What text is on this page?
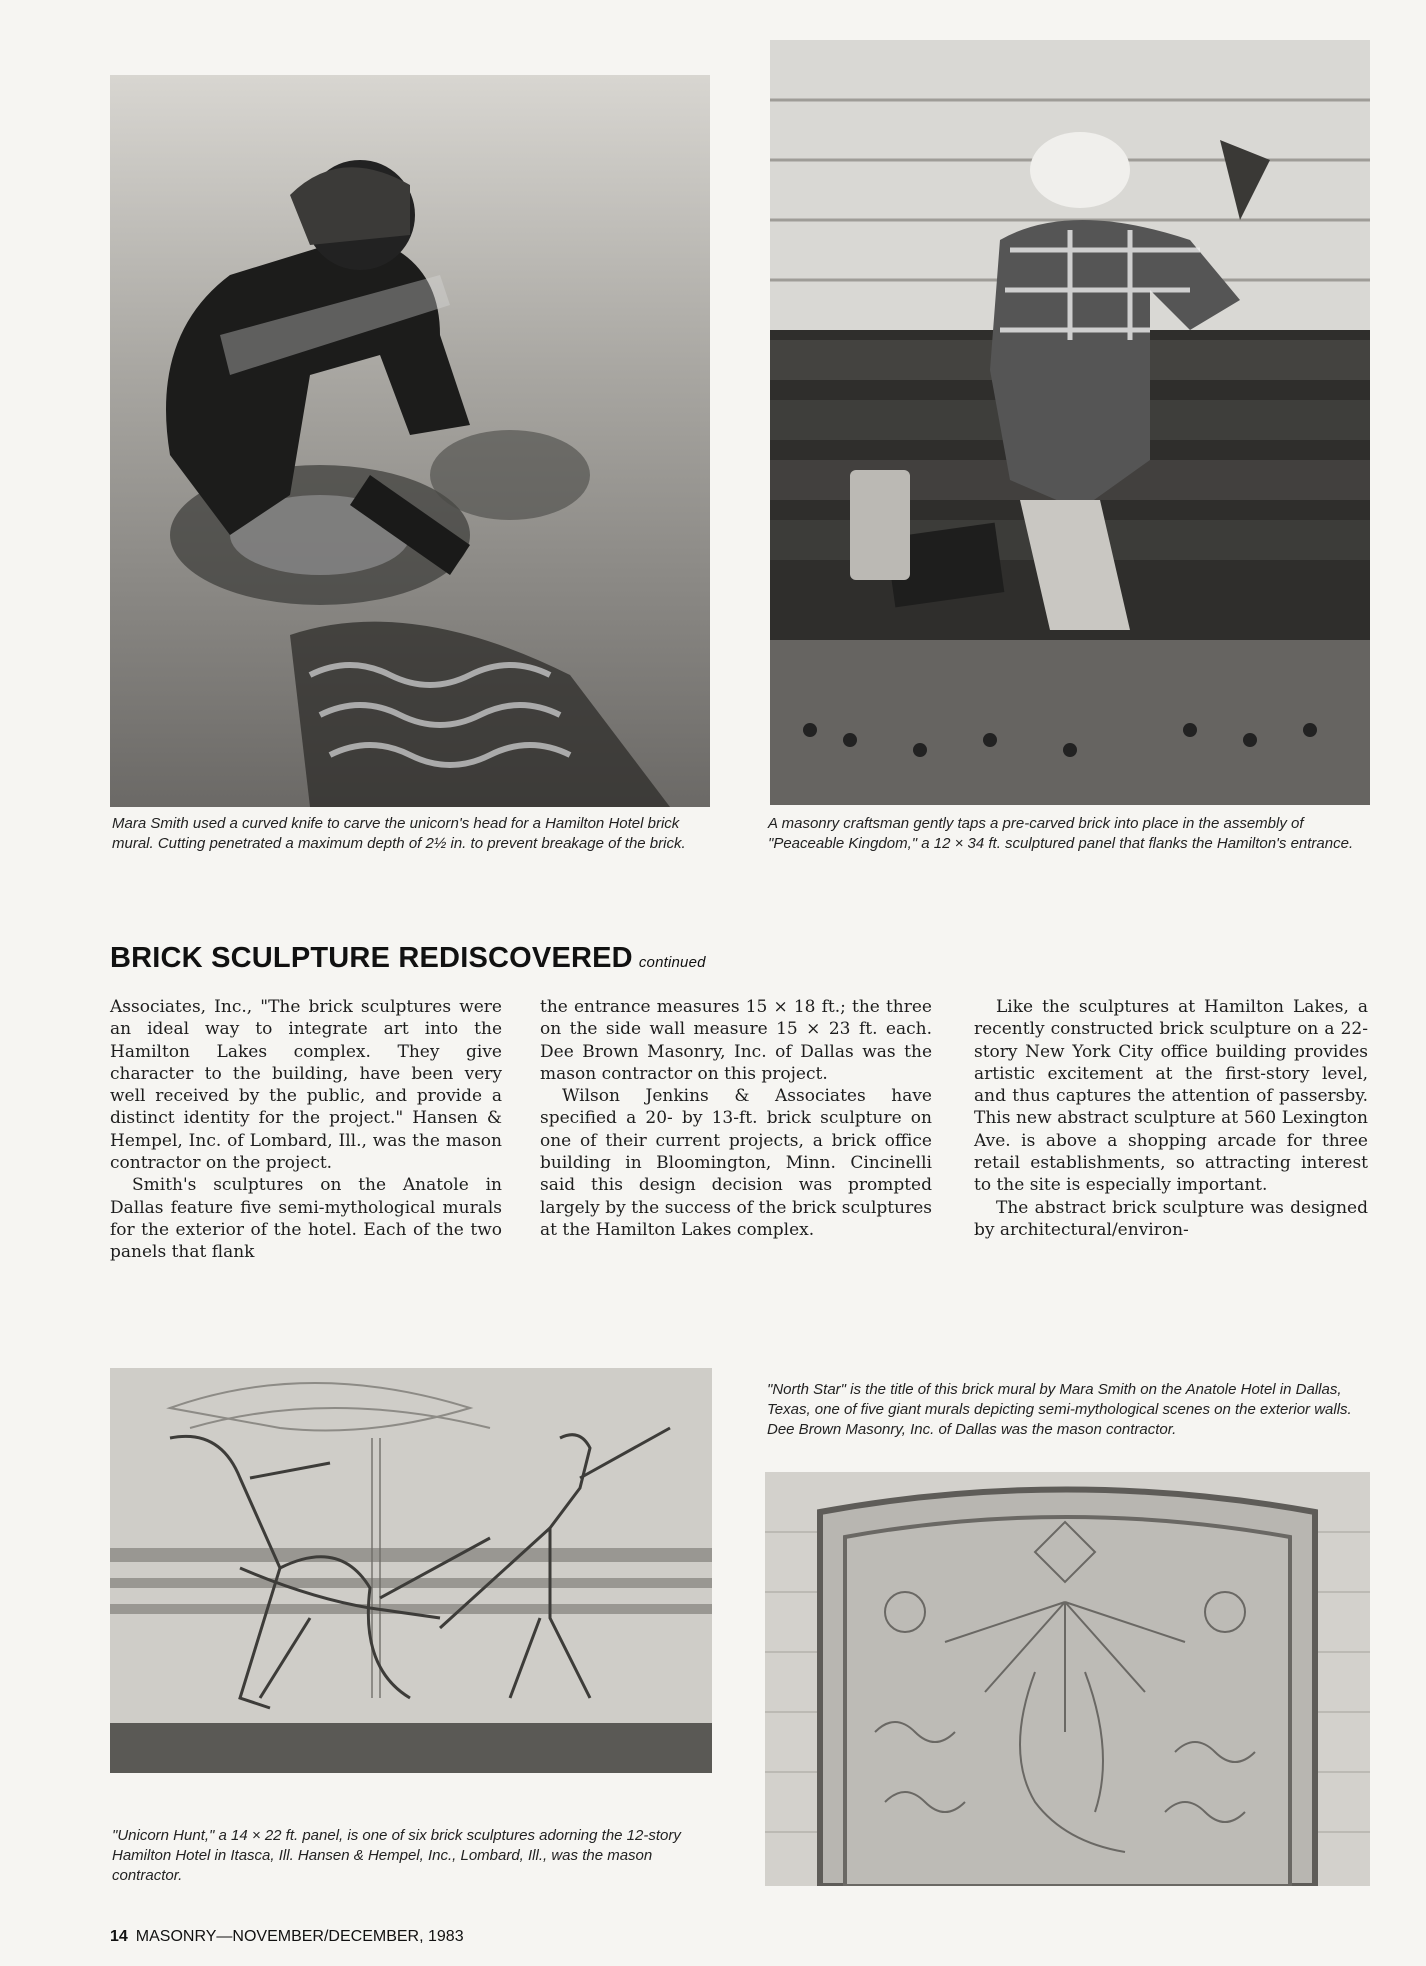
Mara Smith used a curved knife to carve the unicorn's head for a Hamilton Hotel brick mural. Cutting penetrated a maximum depth of 2½ in. to prevent breakage of the brick.
A masonry craftsman gently taps a pre-carved brick into place in the assembly of "Peaceable Kingdom," a 12 × 34 ft. sculptured panel that flanks the Hamilton's entrance.
BRICK SCULPTURE REDISCOVERED continued

Associates, Inc., "The brick sculptures were an ideal way to integrate art into the Hamilton Lakes complex. They give character to the building, have been very well received by the public, and provide a distinct identity for the project." Hansen & Hempel, Inc. of Lombard, Ill., was the mason contractor on the project.

Smith's sculptures on the Anatole in Dallas feature five semi-mythological murals for the exterior of the hotel. Each of the two panels that flank

the entrance measures 15 × 18 ft.; the three on the side wall measure 15 × 23 ft. each. Dee Brown Masonry, Inc. of Dallas was the mason contractor on this project.

Wilson Jenkins & Associates have specified a 20- by 13-ft. brick sculpture on one of their current projects, a brick office building in Bloomington, Minn. Cincinelli said this design decision was prompted largely by the success of the brick sculptures at the Hamilton Lakes complex.

Like the sculptures at Hamilton Lakes, a recently constructed brick sculpture on a 22-story New York City office building provides artistic excitement at the first-story level, and thus captures the attention of passersby. This new abstract sculpture at 560 Lexington Ave. is above a shopping arcade for three retail establishments, so attracting interest to the site is especially important.

The abstract brick sculpture was designed by architectural/environ-

"Unicorn Hunt," a 14 × 22 ft. panel, is one of six brick sculptures adorning the 12-story Hamilton Hotel in Itasca, Ill. Hansen & Hempel, Inc., Lombard, Ill., was the mason contractor.
"North Star" is the title of this brick mural by Mara Smith on the Anatole Hotel in Dallas, Texas, one of five giant murals depicting semi-mythological scenes on the exterior walls. Dee Brown Masonry, Inc. of Dallas was the mason contractor.
14 MASONRY—NOVEMBER/DECEMBER, 1983
